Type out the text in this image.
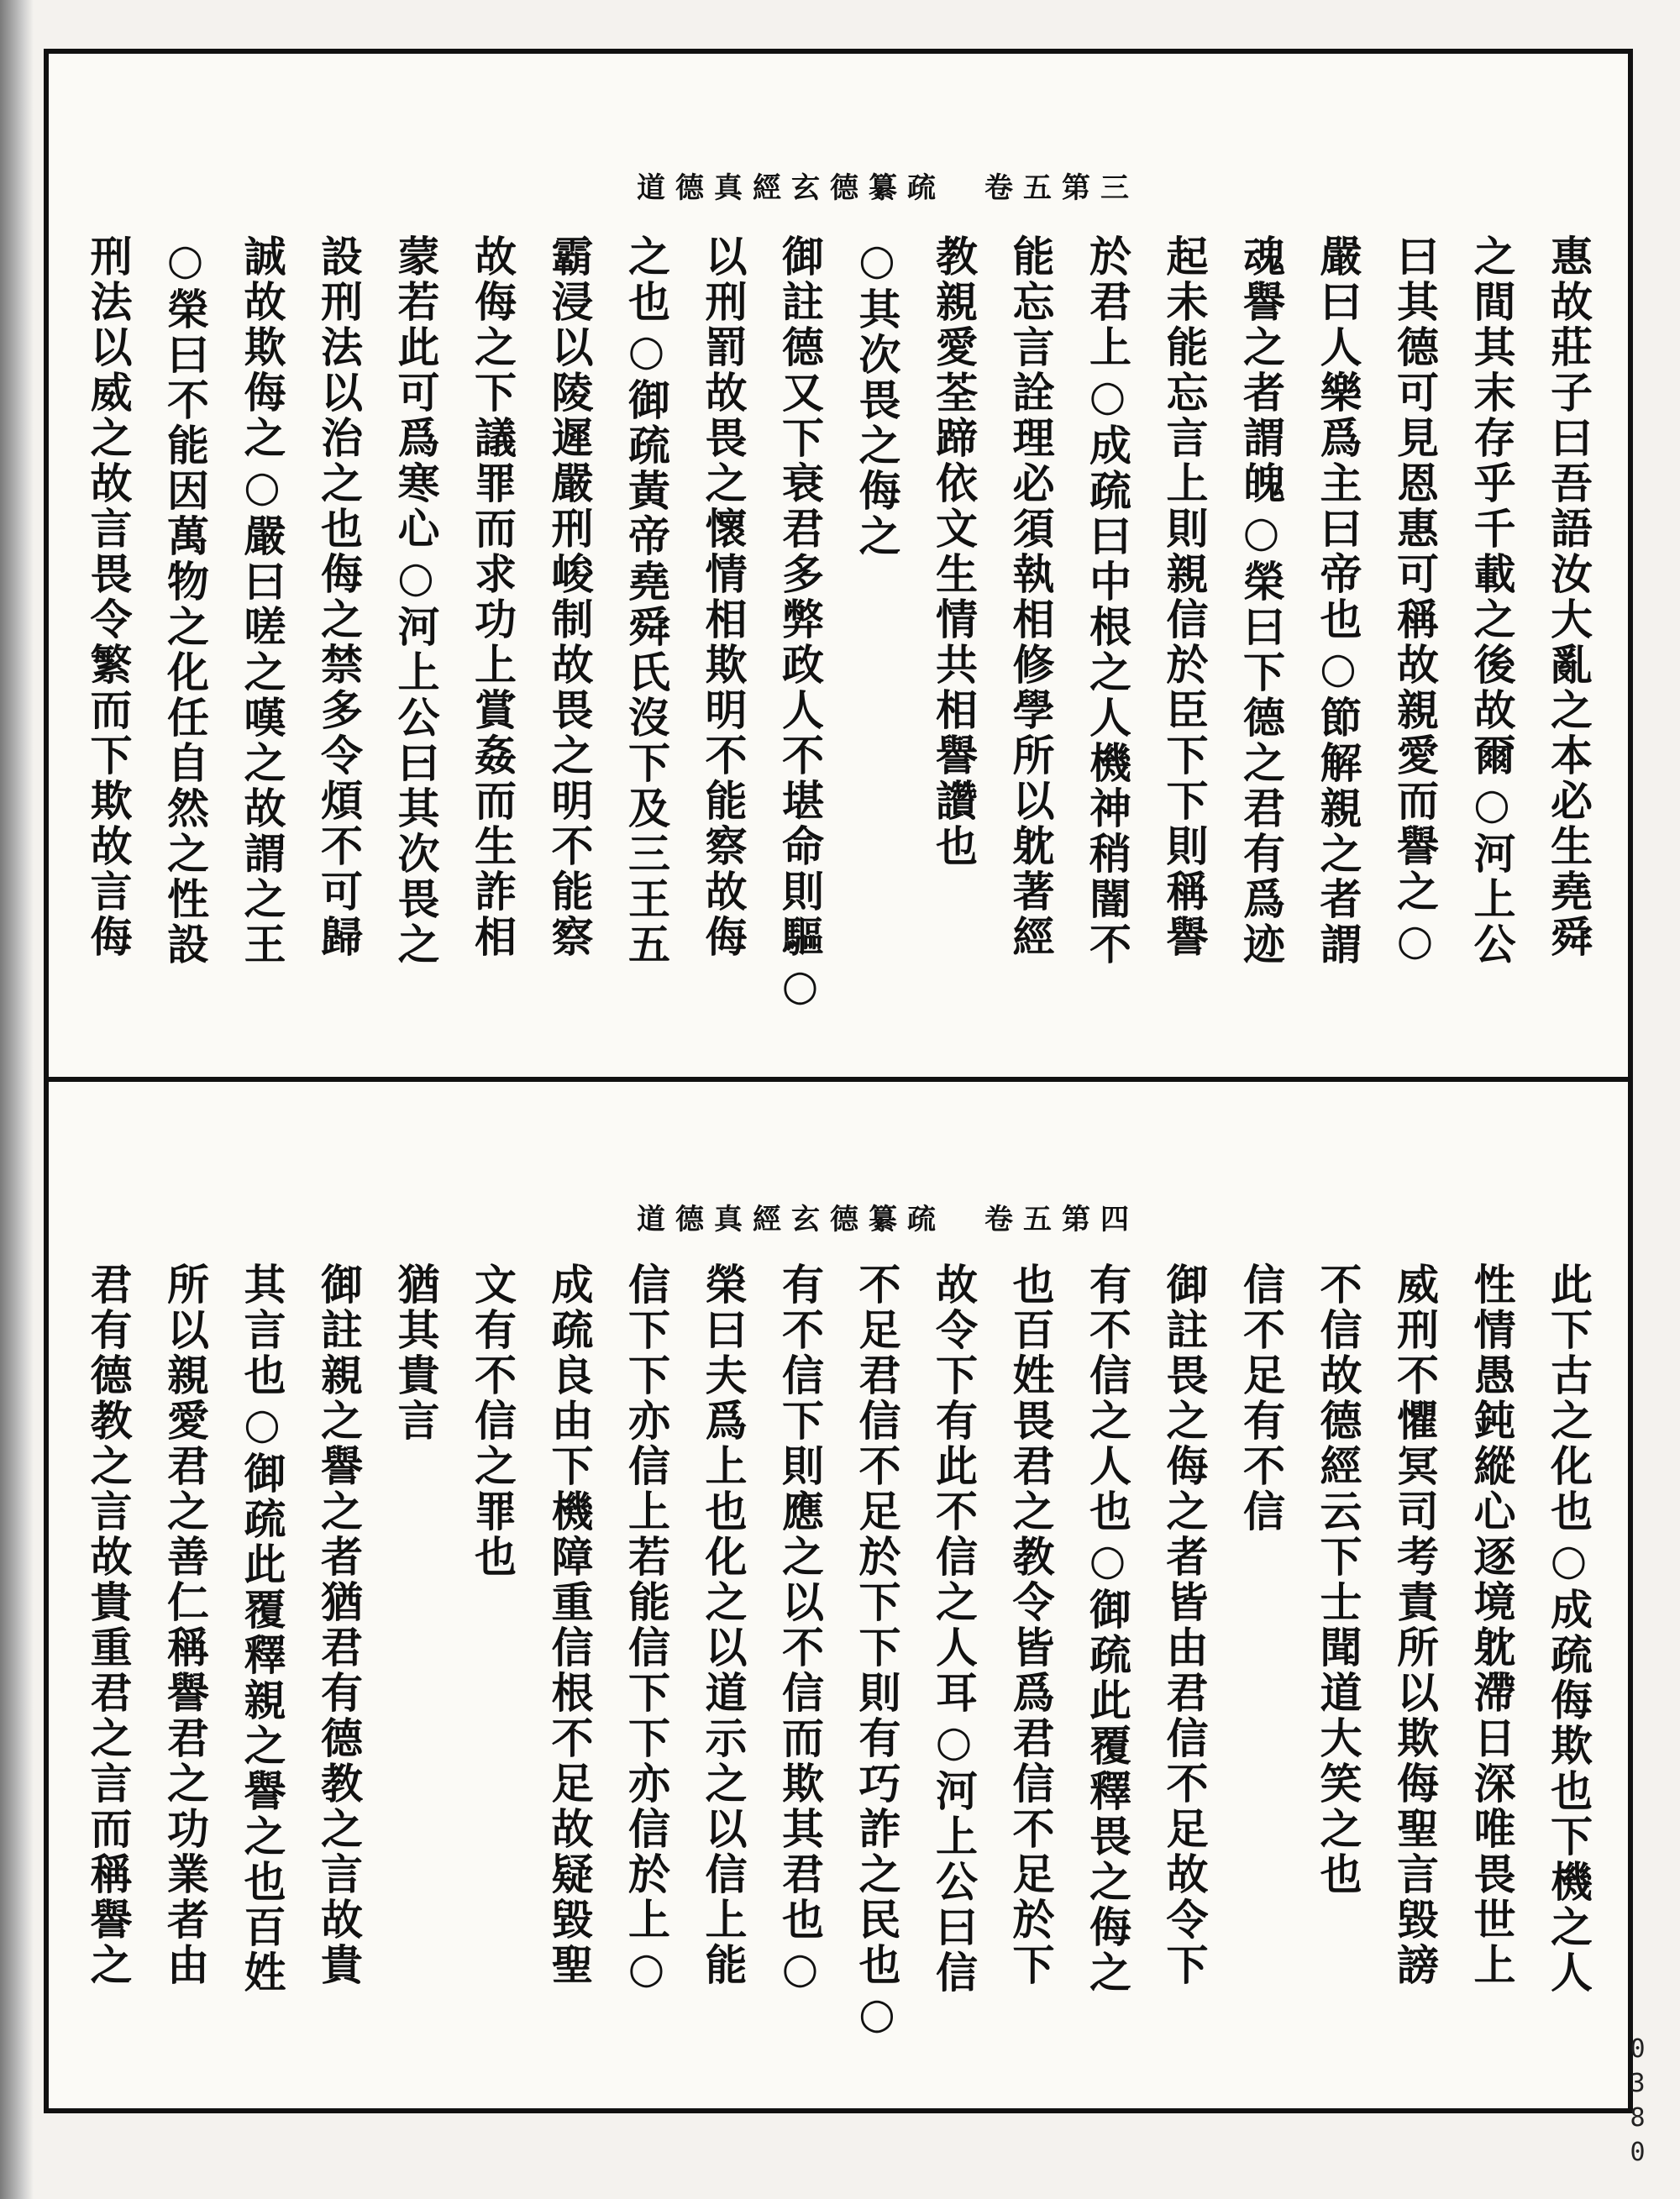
道德真經玄德纂疏　卷五第三
惠故莊子曰吾語汝大亂之本必生堯舜
之間其末存乎千載之後故爾○河上公
曰其德可見恩惠可稱故親愛而譽之○
嚴曰人樂爲主曰帝也○節解親之者謂
魂譽之者謂魄○榮曰下德之君有爲迹
起未能忘言上則親信於臣下下則稱譽
於君上○成疏曰中根之人機神稍闇不
能忘言詮理必須執相修學所以躭著經
教親愛荃蹄依文生情共相譽讚也
○其次畏之侮之
御註德又下衰君多弊政人不堪命則驅○
以刑罰故畏之懷情相欺明不能察故侮
之也○御疏黃帝堯舜氏沒下及三王五
霸浸以陵遲嚴刑峻制故畏之明不能察
故侮之下議罪而求功上賞姦而生詐相
蒙若此可爲寒心○河上公曰其次畏之
設刑法以治之也侮之禁多令煩不可歸
誠故欺侮之○嚴曰嗟之嘆之故謂之王
○榮曰不能因萬物之化任自然之性設
刑法以威之故言畏令繁而下欺故言侮
道德真經玄德纂疏　卷五第四
此下古之化也○成疏侮欺也下機之人
性情愚鈍縱心逐境躭滯日深唯畏世上
威刑不懼冥司考責所以欺侮聖言毀謗
不信故德經云下士聞道大笑之也
信不足有不信
御註畏之侮之者皆由君信不足故令下
有不信之人也○御疏此覆釋畏之侮之
也百姓畏君之教令皆爲君信不足於下
故令下有此不信之人耳○河上公曰信
不足君信不足於下下則有巧詐之民也○
有不信下則應之以不信而欺其君也○
榮曰夫爲上也化之以道示之以信上能
信下下亦信上若能信下下亦信於上○
成疏良由下機障重信根不足故疑毀聖
文有不信之罪也
猶其貴言
御註親之譽之者猶君有德教之言故貴
其言也○御疏此覆釋親之譽之也百姓
所以親愛君之善仁稱譽君之功業者由
君有德教之言故貴重君之言而稱譽之
0380
